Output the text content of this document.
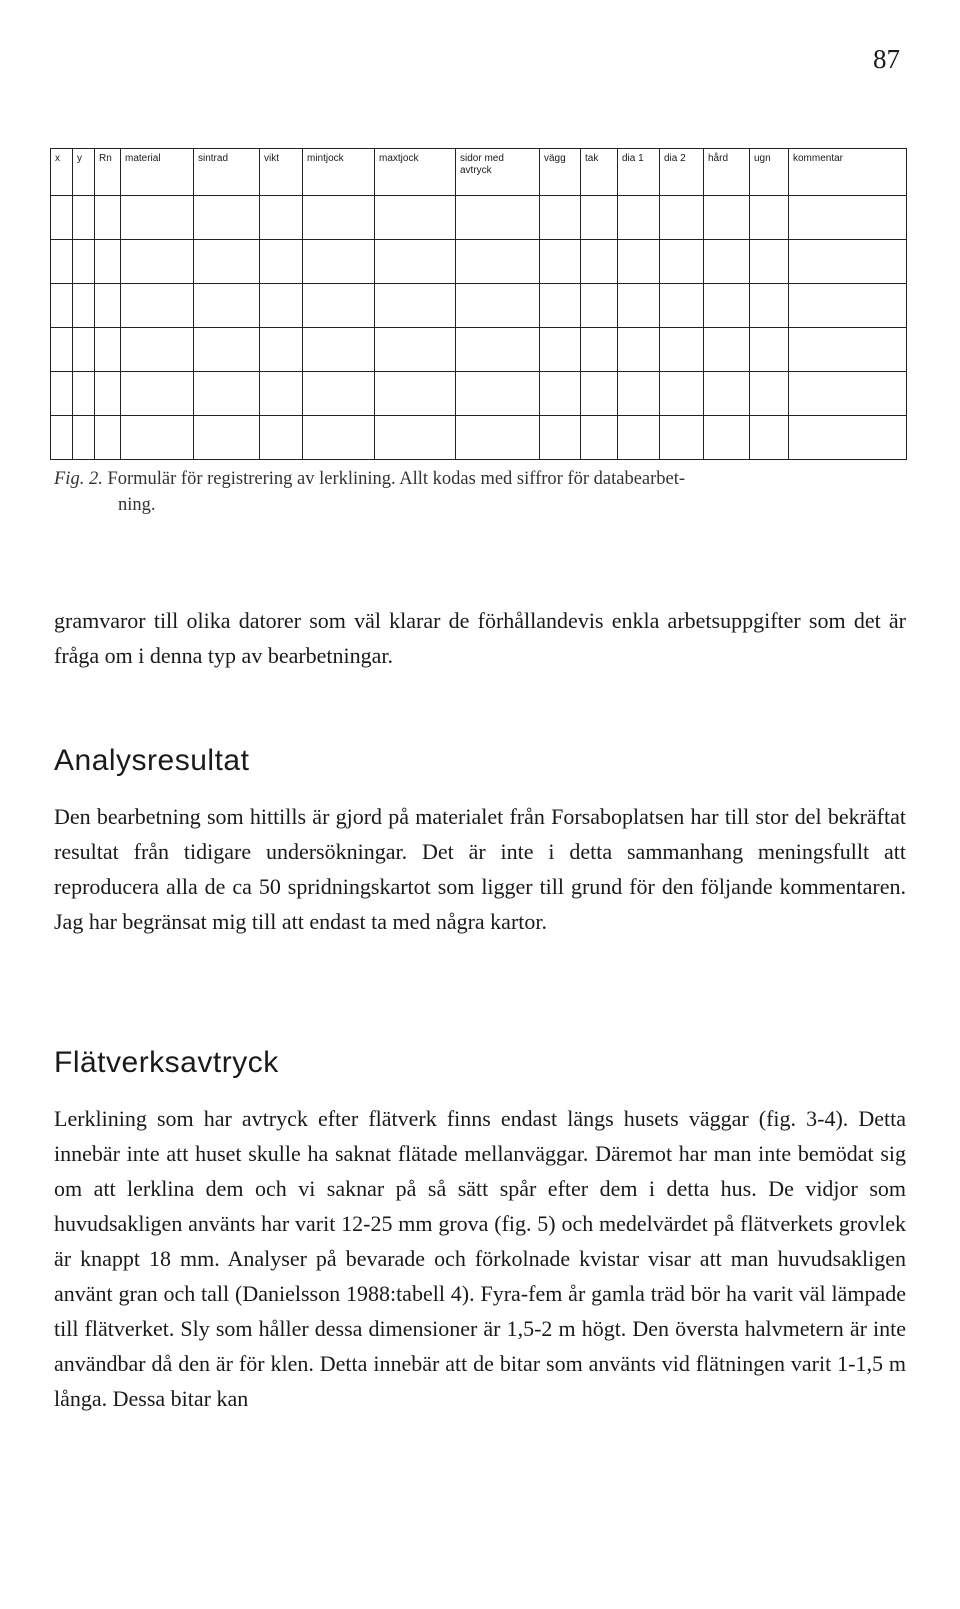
87
x	y	Rn	material	sintrad	vikt	mintjock	maxtjock	sidor med avtryck	vägg	tak	dia 1	dia 2	hård	ugn	kommentar

Fig. 2. Formulär för registrering av lerklining. Allt kodas med siffror för databearbet-
ning.

gramvaror till olika datorer som väl klarar de förhållandevis enkla arbetsuppgifter som det är fråga om i denna typ av bearbetningar.

Analysresultat

Den bearbetning som hittills är gjord på materialet från Forsaboplatsen har till stor del bekräftat resultat från tidigare undersökningar. Det är inte i detta sammanhang meningsfullt att reproducera alla de ca 50 spridningskartot som ligger till grund för den följande kommentaren. Jag har begränsat mig till att endast ta med några kartor.

Flätverksavtryck

Lerklining som har avtryck efter flätverk finns endast längs husets väggar (fig. 3-4). Detta innebär inte att huset skulle ha saknat flätade mellanväggar. Däremot har man inte bemödat sig om att lerklina dem och vi saknar på så sätt spår efter dem i detta hus. De vidjor som huvudsakligen använts har varit 12-25 mm grova (fig. 5) och medelvärdet på flätverkets grovlek är knappt 18 mm. Analyser på bevarade och förkolnade kvistar visar att man huvudsakligen använt gran och tall (Danielsson 1988:tabell 4). Fyra-fem år gamla träd bör ha varit väl lämpade till flätverket. Sly som håller dessa dimensioner är 1,5-2 m högt. Den översta halvmetern är inte användbar då den är för klen. Detta innebär att de bitar som använts vid flätningen varit 1-1,5 m långa. Dessa bitar kan
